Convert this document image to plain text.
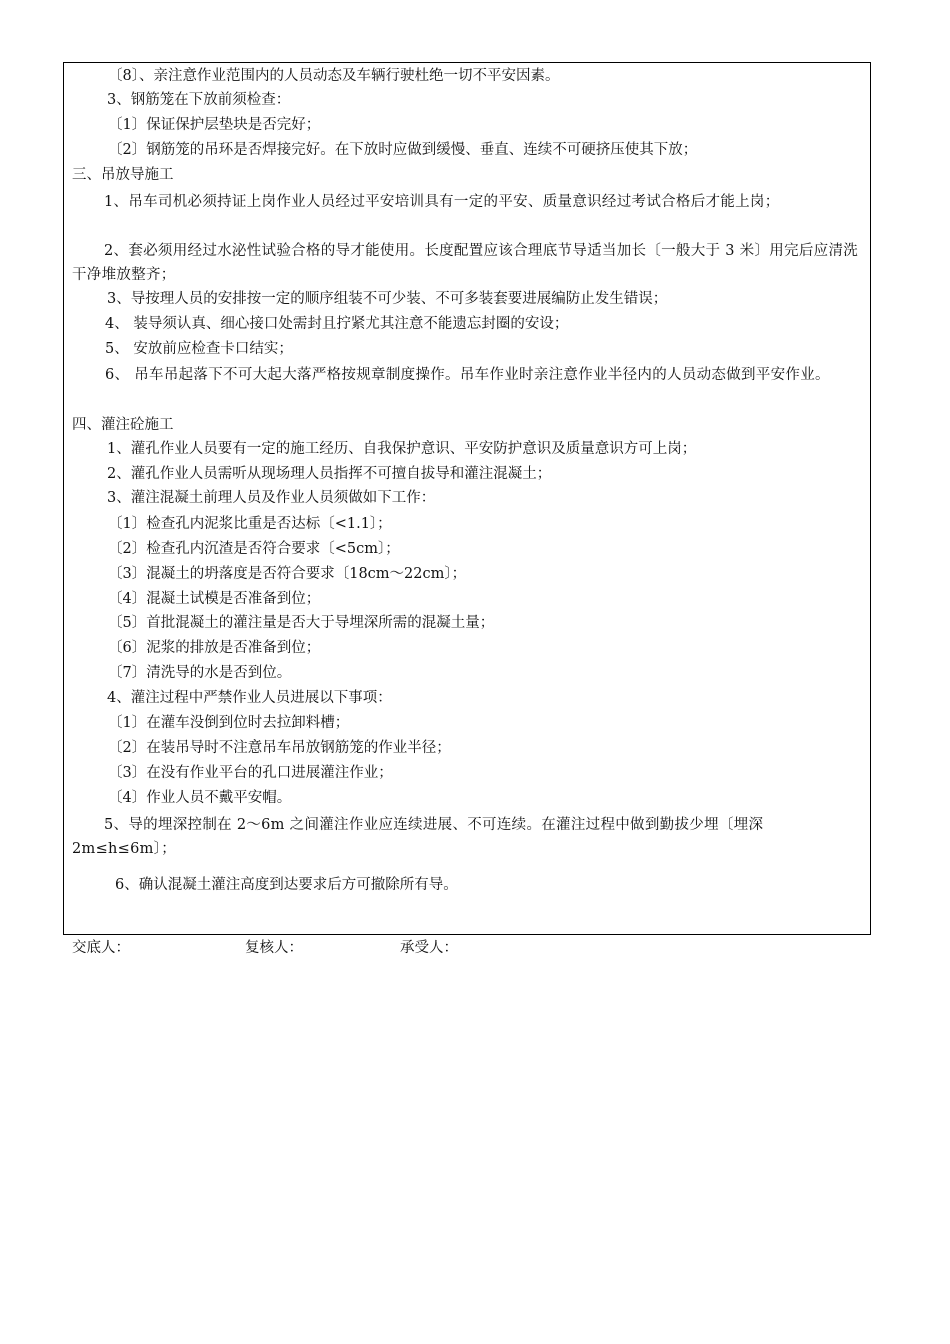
〔8〕、亲注意作业范围内的人员动态及车辆行驶杜绝一切不平安因素。
3、钢筋笼在下放前须检查：
〔1〕保证保护层垫块是否完好；
〔2〕钢筋笼的吊环是否焊接完好。在下放时应做到缓慢、垂直、连续不可硬挤压使其下放；
三、吊放导施工
1、吊车司机必须持证上岗作业人员经过平安培训具有一定的平安、质量意识经过考试合格后才能上岗；
2、套必须用经过水泌性试验合格的导才能使用。长度配置应该合理底节导适当加长〔一般大于 3 米〕用完后应清洗干净堆放整齐；
3、导按理人员的安排按一定的顺序组装不可少装、不可多装套要进展编防止发生错误；
4、 装导须认真、细心接口处需封且拧紧尤其注意不能遗忘封圈的安设；
5、 安放前应检查卡口结实；
6、 吊车吊起落下不可大起大落严格按规章制度操作。吊车作业时亲注意作业半径内的人员动态做到平安作业。
四、灌注砼施工
1、灌孔作业人员要有一定的施工经历、自我保护意识、平安防护意识及质量意识方可上岗；
2、灌孔作业人员需听从现场理人员指挥不可擅自拔导和灌注混凝土；
3、灌注混凝土前理人员及作业人员须做如下工作：
〔1〕检查孔内泥浆比重是否达标〔<1.1〕；
〔2〕检查孔内沉渣是否符合要求〔<5cm〕；
〔3〕混凝土的坍落度是否符合要求〔18cm～22cm〕；
〔4〕混凝土试模是否准备到位；
〔5〕首批混凝土的灌注量是否大于导埋深所需的混凝土量；
〔6〕泥浆的排放是否准备到位；
〔7〕清洗导的水是否到位。
4、灌注过程中严禁作业人员进展以下事项：
〔1〕在灌车没倒到位时去拉卸料槽；
〔2〕在装吊导时不注意吊车吊放钢筋笼的作业半径；
〔3〕在没有作业平台的孔口进展灌注作业；
〔4〕作业人员不戴平安帽。
5、导的埋深控制在 2～6m 之间灌注作业应连续进展、不可连续。在灌注过程中做到勤拔少埋〔埋深 2m≤h≤6m〕；
6、确认混凝土灌注高度到达要求后方可撤除所有导。
交底人：	复核人：	承受人：
